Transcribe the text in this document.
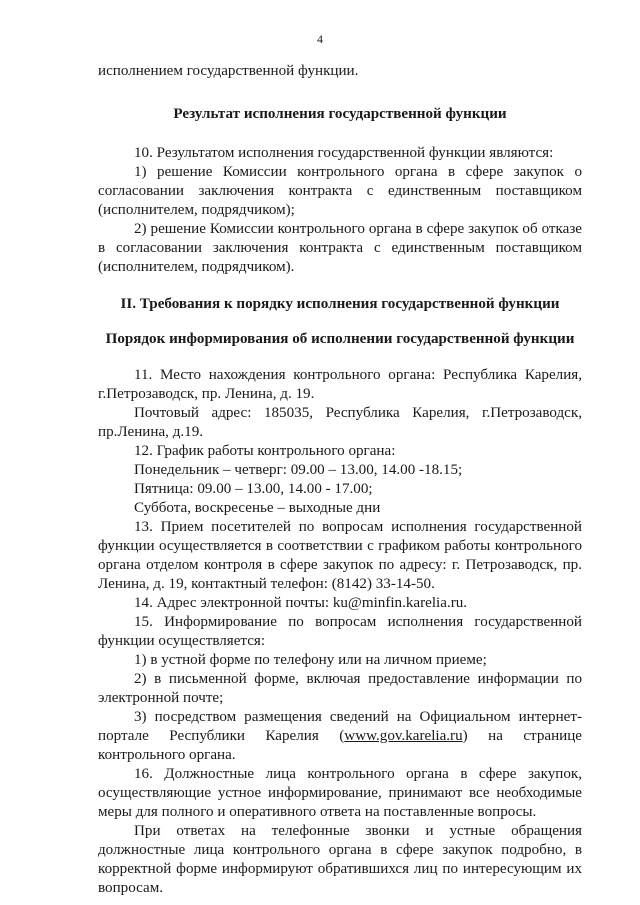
4

исполнением государственной функции.

Результат исполнения государственной функции

10. Результатом исполнения государственной функции являются:

1) решение Комиссии контрольного органа в сфере закупок о согласовании заключения контракта с единственным поставщиком (исполнителем, подрядчиком);

2) решение Комиссии контрольного органа в сфере закупок об отказе в согласовании заключения контракта с единственным поставщиком (исполнителем, подрядчиком).

II. Требования к порядку исполнения государственной функции

Порядок информирования об исполнении государственной функции

11. Место нахождения контрольного органа: Республика Карелия, г.Петрозаводск, пр. Ленина, д. 19.

Почтовый адрес: 185035, Республика Карелия, г.Петрозаводск, пр.Ленина, д.19.

12. График работы контрольного органа:

Понедельник – четверг: 09.00 – 13.00, 14.00 -18.15;

Пятница: 09.00 – 13.00, 14.00 - 17.00;

Суббота, воскресенье – выходные дни

13. Прием посетителей по вопросам исполнения государственной функции осуществляется в соответствии с графиком работы контрольного органа отделом контроля в сфере закупок по адресу: г. Петрозаводск, пр. Ленина, д. 19, контактный телефон: (8142) 33-14-50.

14. Адрес электронной почты: ku@minfin.karelia.ru.

15. Информирование по вопросам исполнения государственной функции осуществляется:

1) в устной форме по телефону или на личном приеме;

2) в письменной форме, включая предоставление информации по электронной почте;

3) посредством размещения сведений на Официальном интернет-портале Республики Карелия (www.gov.karelia.ru) на странице контрольного органа.

16. Должностные лица контрольного органа в сфере закупок, осуществляющие устное информирование, принимают все необходимые меры для полного и оперативного ответа на поставленные вопросы.

При ответах на телефонные звонки и устные обращения должностные лица контрольного органа в сфере закупок подробно, в корректной форме информируют обратившихся лиц по интересующим их вопросам.
